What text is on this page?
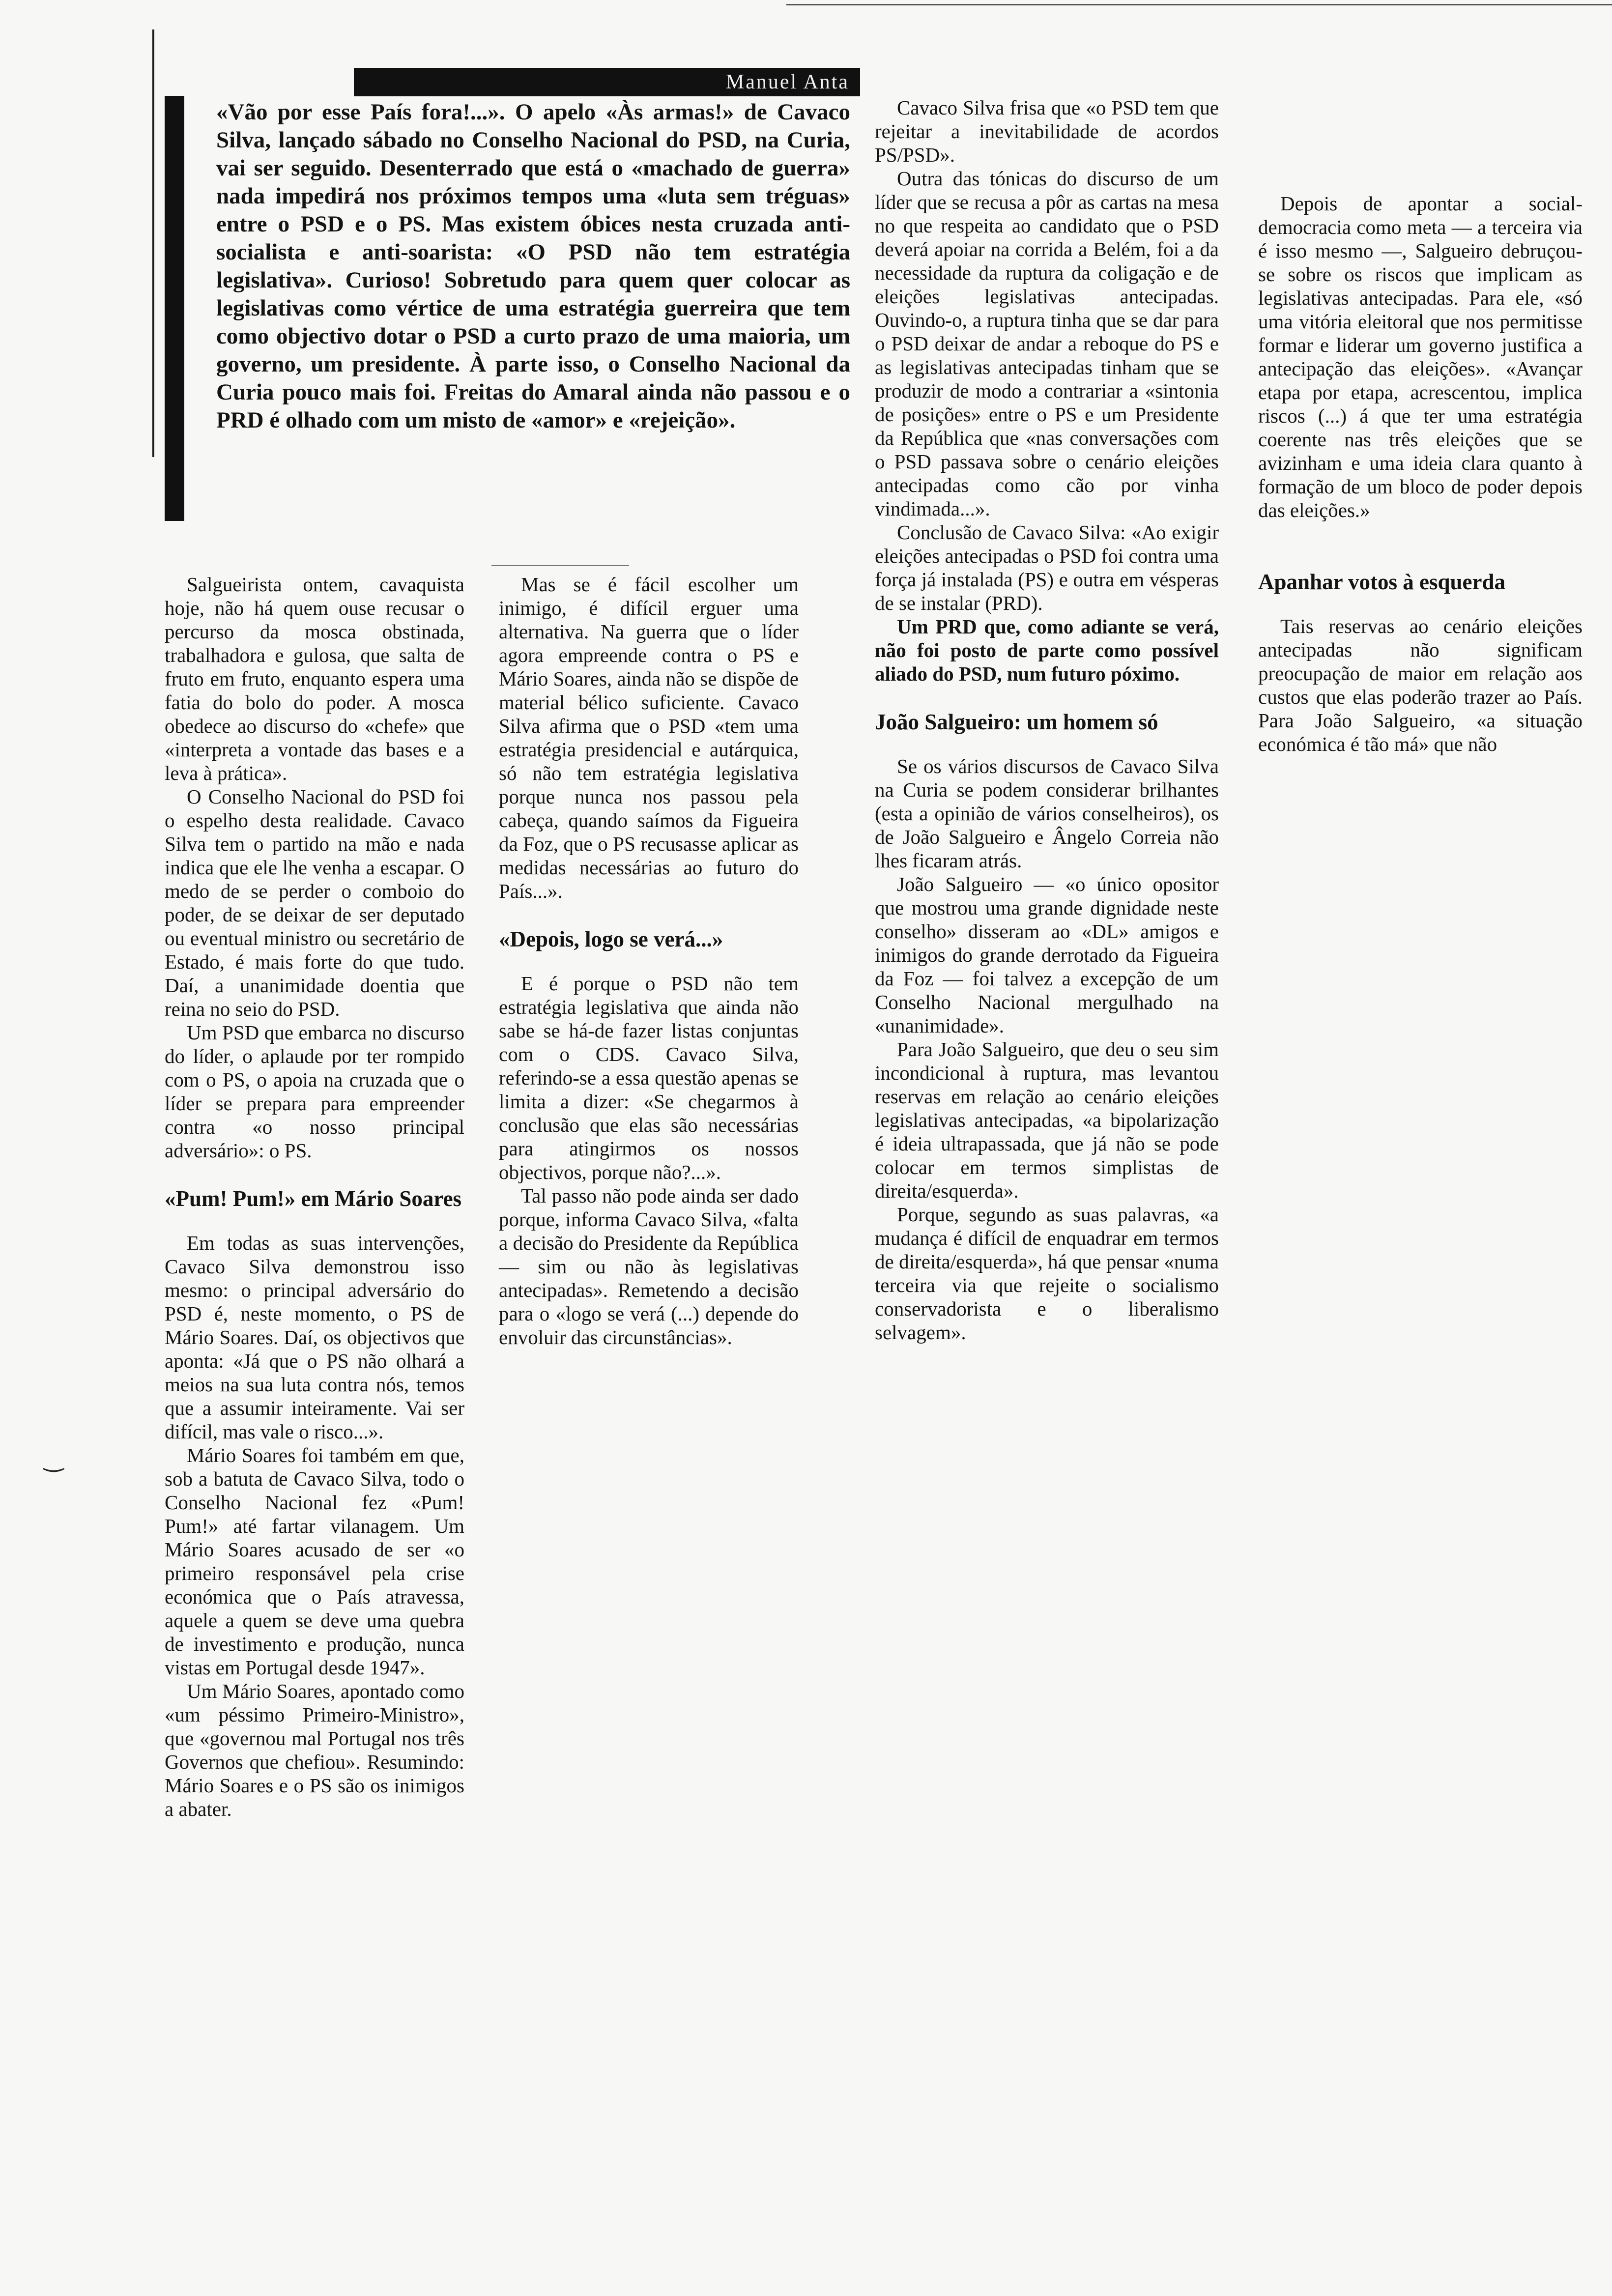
Manuel Anta

«Vão por esse País fora!...». O apelo «Às armas!» de Cavaco Silva, lançado sábado no Conselho Nacional do PSD, na Curia, vai ser seguido. Desenterrado que está o «machado de guerra» nada impedirá nos próximos tempos uma «luta sem tréguas» entre o PSD e o PS. Mas existem óbices nesta cruzada anti-socialista e anti-soarista: «O PSD não tem estratégia legislativa». Curioso! Sobretudo para quem quer colocar as legislativas como vértice de uma estratégia guerreira que tem como objectivo dotar o PSD a curto prazo de uma maioria, um governo, um presidente. À parte isso, o Conselho Nacional da Curia pouco mais foi. Freitas do Amaral ainda não passou e o PRD é olhado com um misto de «amor» e «rejeição».

Salgueirista ontem, cavaquista hoje, não há quem ouse recusar o percurso da mosca obstinada, trabalhadora e gulosa, que salta de fruto em fruto, enquanto espera uma fatia do bolo do poder. A mosca obedece ao discurso do «chefe» que «interpreta a vontade das bases e a leva à prática».

O Conselho Nacional do PSD foi o espelho desta realidade. Cavaco Silva tem o partido na mão e nada indica que ele lhe venha a escapar. O medo de se perder o comboio do poder, de se deixar de ser deputado ou eventual ministro ou secretário de Estado, é mais forte do que tudo. Daí, a unanimidade doentia que reina no seio do PSD.

Um PSD que embarca no discurso do líder, o aplaude por ter rompido com o PS, o apoia na cruzada que o líder se prepara para empreender contra «o nosso principal adversário»: o PS.

«Pum! Pum!» em Mário Soares

Em todas as suas intervenções, Cavaco Silva demonstrou isso mesmo: o principal adversário do PSD é, neste momento, o PS de Mário Soares. Daí, os objectivos que aponta: «Já que o PS não olhará a meios na sua luta contra nós, temos que a assumir inteiramente. Vai ser difícil, mas vale o risco...».

Mário Soares foi também em que, sob a batuta de Cavaco Silva, todo o Conselho Nacional fez «Pum! Pum!» até fartar vilanagem. Um Mário Soares acusado de ser «o primeiro responsável pela crise económica que o País atravessa, aquele a quem se deve uma quebra de investimento e produção, nunca vistas em Portugal desde 1947».

Um Mário Soares, apontado como «um péssimo Primeiro-Ministro», que «governou mal Portugal nos três Governos que chefiou». Resumindo: Mário Soares e o PS são os inimigos a abater.

Mas se é fácil escolher um inimigo, é difícil erguer uma alternativa. Na guerra que o líder agora empreende contra o PS e Mário Soares, ainda não se dispõe de material bélico suficiente. Cavaco Silva afirma que o PSD «tem uma estratégia presidencial e autárquica, só não tem estratégia legislativa porque nunca nos passou pela cabeça, quando saímos da Figueira da Foz, que o PS recusasse aplicar as medidas necessárias ao futuro do País...».

«Depois, logo se verá...»

E é porque o PSD não tem estratégia legislativa que ainda não sabe se há-de fazer listas conjuntas com o CDS. Cavaco Silva, referindo-se a essa questão apenas se limita a dizer: «Se chegarmos à conclusão que elas são necessárias para atingirmos os nossos objectivos, porque não?...».

Tal passo não pode ainda ser dado porque, informa Cavaco Silva, «falta a decisão do Presidente da República — sim ou não às legislativas antecipadas». Remetendo a decisão para o «logo se verá (...) depende do envoluir das circunstâncias».

Cavaco Silva frisa que «o PSD tem que rejeitar a inevitabilidade de acordos PS/PSD».

Outra das tónicas do discurso de um líder que se recusa a pôr as cartas na mesa no que respeita ao candidato que o PSD deverá apoiar na corrida a Belém, foi a da necessidade da ruptura da coligação e de eleições legislativas antecipadas. Ouvindo-o, a ruptura tinha que se dar para o PSD deixar de andar a reboque do PS e as legislativas antecipadas tinham que se produzir de modo a contrariar a «sintonia de posições» entre o PS e um Presidente da República que «nas conversações com o PSD passava sobre o cenário eleições antecipadas como cão por vinha vindimada...».

Conclusão de Cavaco Silva: «Ao exigir eleições antecipadas o PSD foi contra uma força já instalada (PS) e outra em vésperas de se instalar (PRD).

Um PRD que, como adiante se verá, não foi posto de parte como possível aliado do PSD, num futuro póximo.

João Salgueiro: um homem só

Se os vários discursos de Cavaco Silva na Curia se podem considerar brilhantes (esta a opinião de vários conselheiros), os de João Salgueiro e Ângelo Correia não lhes ficaram atrás.

João Salgueiro — «o único opositor que mostrou uma grande dignidade neste conselho» disseram ao «DL» amigos e inimigos do grande derrotado da Figueira da Foz — foi talvez a excepção de um Conselho Nacional mergulhado na «unanimidade».

Para João Salgueiro, que deu o seu sim incondicional à ruptura, mas levantou reservas em relação ao cenário eleições legislativas antecipadas, «a bipolarização é ideia ultrapassada, que já não se pode colocar em termos simplistas de direita/esquerda».

Porque, segundo as suas palavras, «a mudança é difícil de enquadrar em termos de direita/esquerda», há que pensar «numa terceira via que rejeite o socialismo conservadorista e o liberalismo selvagem».

Depois de apontar a social-democracia como meta — a terceira via é isso mesmo —, Salgueiro debruçou-se sobre os riscos que implicam as legislativas antecipadas. Para ele, «só uma vitória eleitoral que nos permitisse formar e liderar um governo justifica a antecipação das eleições». «Avançar etapa por etapa, acrescentou, implica riscos (...) á que ter uma estratégia coerente nas três eleições que se avizinham e uma ideia clara quanto à formação de um bloco de poder depois das eleições.»

Apanhar votos à esquerda

Tais reservas ao cenário eleições antecipadas não significam preocupação de maior em relação aos custos que elas poderão trazer ao País. Para João Salgueiro, «a situação económica é tão má» que não

‿
